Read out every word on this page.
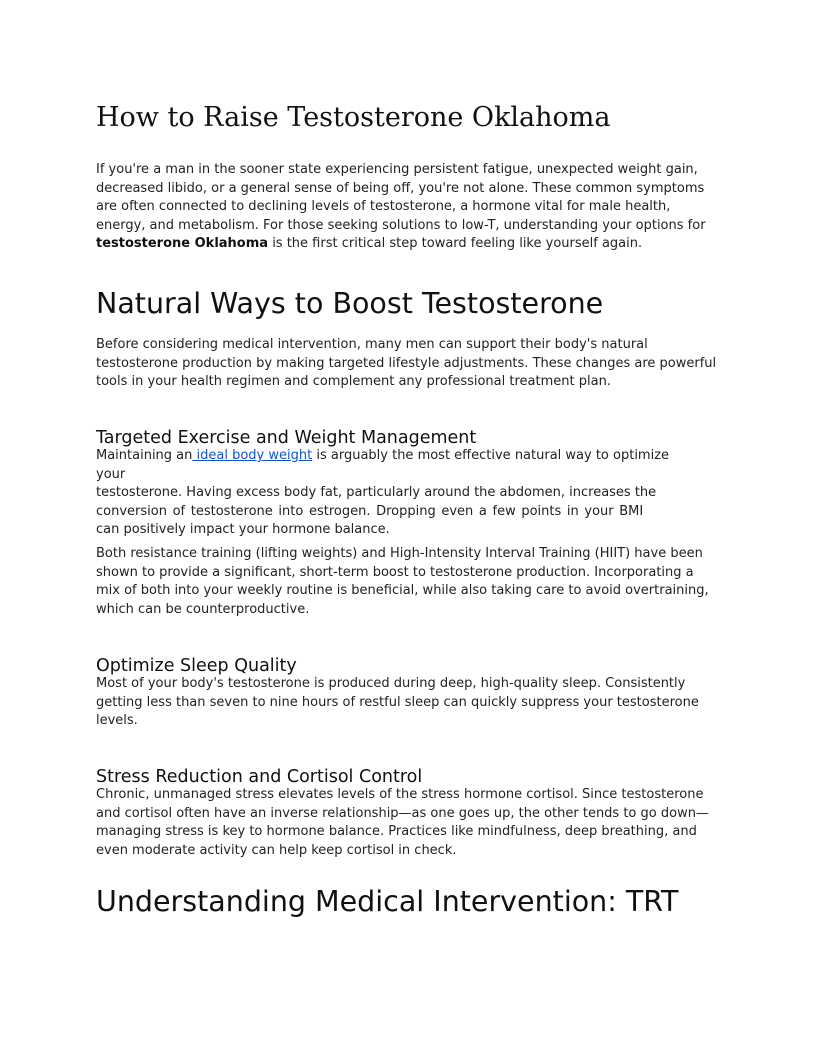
How to Raise Testosterone Oklahoma

If you're a man in the sooner state experiencing persistent fatigue, unexpected weight gain, decreased libido, or a general sense of being off, you're not alone. These common symptoms are often connected to declining levels of testosterone, a hormone vital for male health, energy, and metabolism. For those seeking solutions to low-T, understanding your options for testosterone Oklahoma is the first critical step toward feeling like yourself again.

Natural Ways to Boost Testosterone

Before considering medical intervention, many men can support their body's natural testosterone production by making targeted lifestyle adjustments. These changes are powerful tools in your health regimen and complement any professional treatment plan.

Targeted Exercise and Weight Management

Maintaining an ideal body weight is arguably the most effective natural way to optimize your
testosterone. Having excess body fat, particularly around the abdomen, increases the
conversion of testosterone into estrogen. Dropping even a few points in your BMI
can positively impact your hormone balance.

Both resistance training (lifting weights) and High-Intensity Interval Training (HIIT) have been shown to provide a significant, short-term boost to testosterone production. Incorporating a mix of both into your weekly routine is beneficial, while also taking care to avoid overtraining, which can be counterproductive.

Optimize Sleep Quality

Most of your body's testosterone is produced during deep, high-quality sleep. Consistently getting less than seven to nine hours of restful sleep can quickly suppress your testosterone levels.

Stress Reduction and Cortisol Control

Chronic, unmanaged stress elevates levels of the stress hormone cortisol. Since testosterone and cortisol often have an inverse relationship—as one goes up, the other tends to go down—managing stress is key to hormone balance. Practices like mindfulness, deep breathing, and even moderate activity can help keep cortisol in check.

Understanding Medical Intervention: TRT
